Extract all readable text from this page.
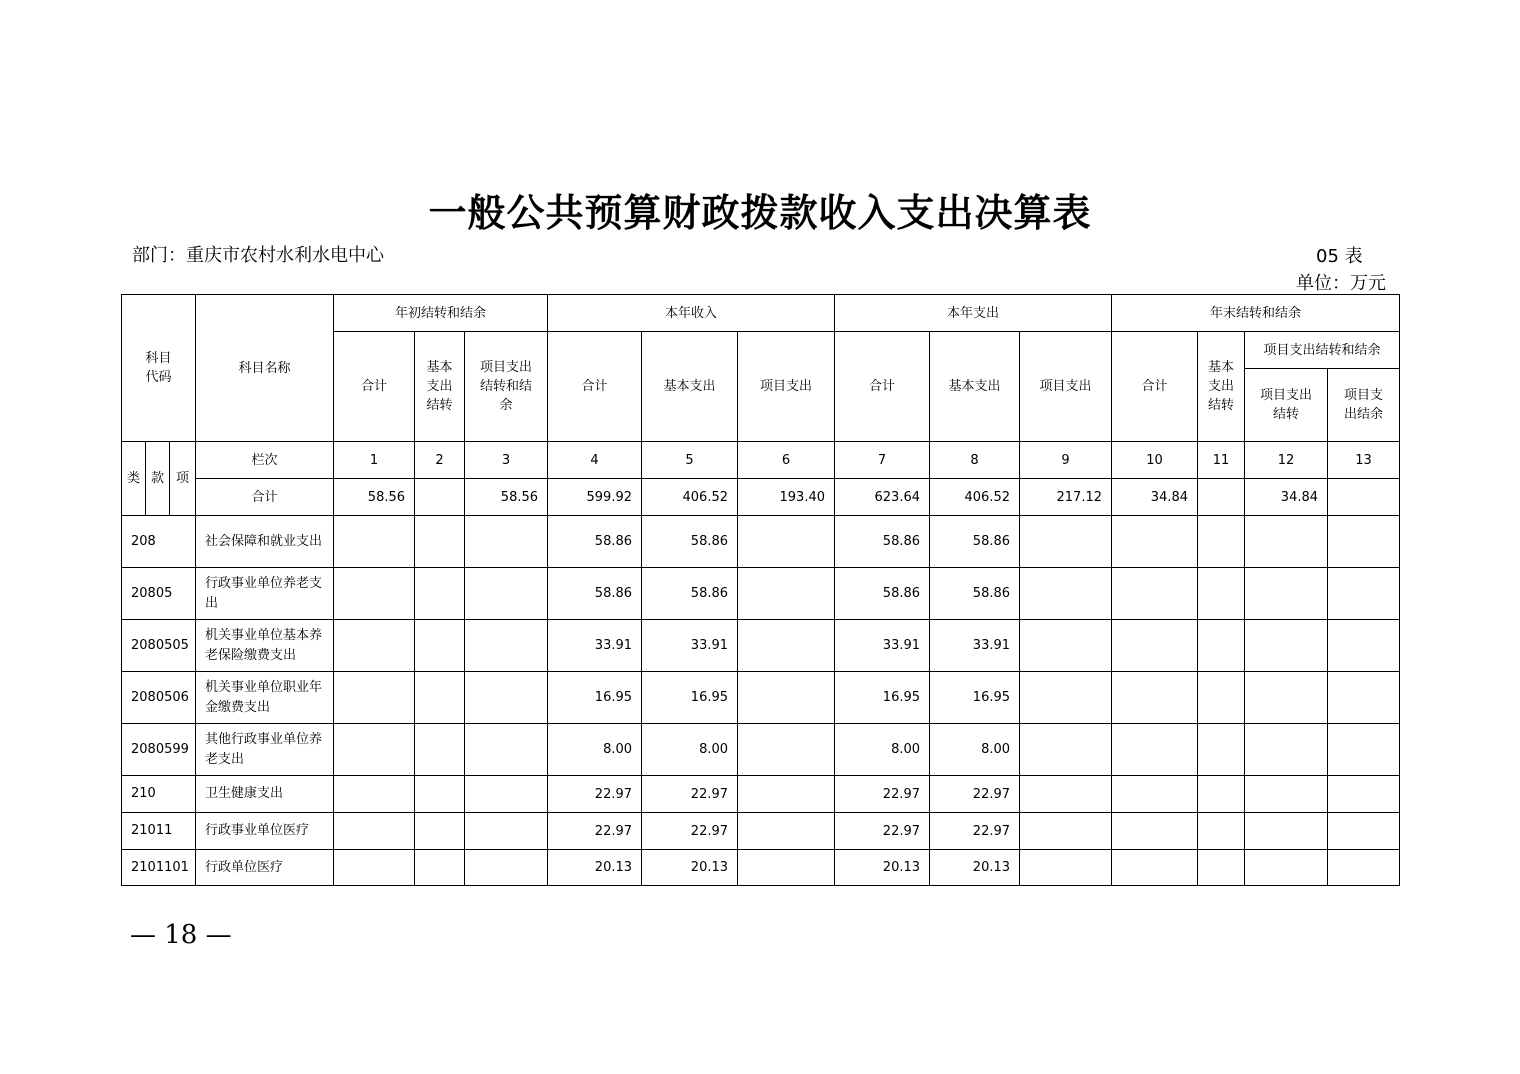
一般公共预算财政拨款收入支出决算表
部门：重庆市农村水利水电中心	05 表
单位：万元
科目代码			科目名称	年初结转和结余			本年收入			本年支出			年末结转和结余			
				合计	基本支出结转	项目支出结转和结余	合计	基本支出	项目支出	合计	基本支出	项目支出	合计	基本支出结转	项目支出结转和结余	
															项目支出结转	项目支出结余
类	款	项	栏次	1	2	3	4	5	6	7	8	9	10	11	12	13
			合计	58.56		58.56	599.92	406.52	193.40	623.64	406.52	217.12	34.84		34.84	
208			社会保障和就业支出				58.86	58.86		58.86	58.86					
20805			行政事业单位养老支出				58.86	58.86		58.86	58.86					
2080505			机关事业单位基本养老保险缴费支出				33.91	33.91		33.91	33.91					
2080506			机关事业单位职业年金缴费支出				16.95	16.95		16.95	16.95					
2080599			其他行政事业单位养老支出				8.00	8.00		8.00	8.00					
210			卫生健康支出				22.97	22.97		22.97	22.97					
21011			行政事业单位医疗				22.97	22.97		22.97	22.97					
2101101			行政单位医疗				20.13	20.13		20.13	20.13					
— 18 —
